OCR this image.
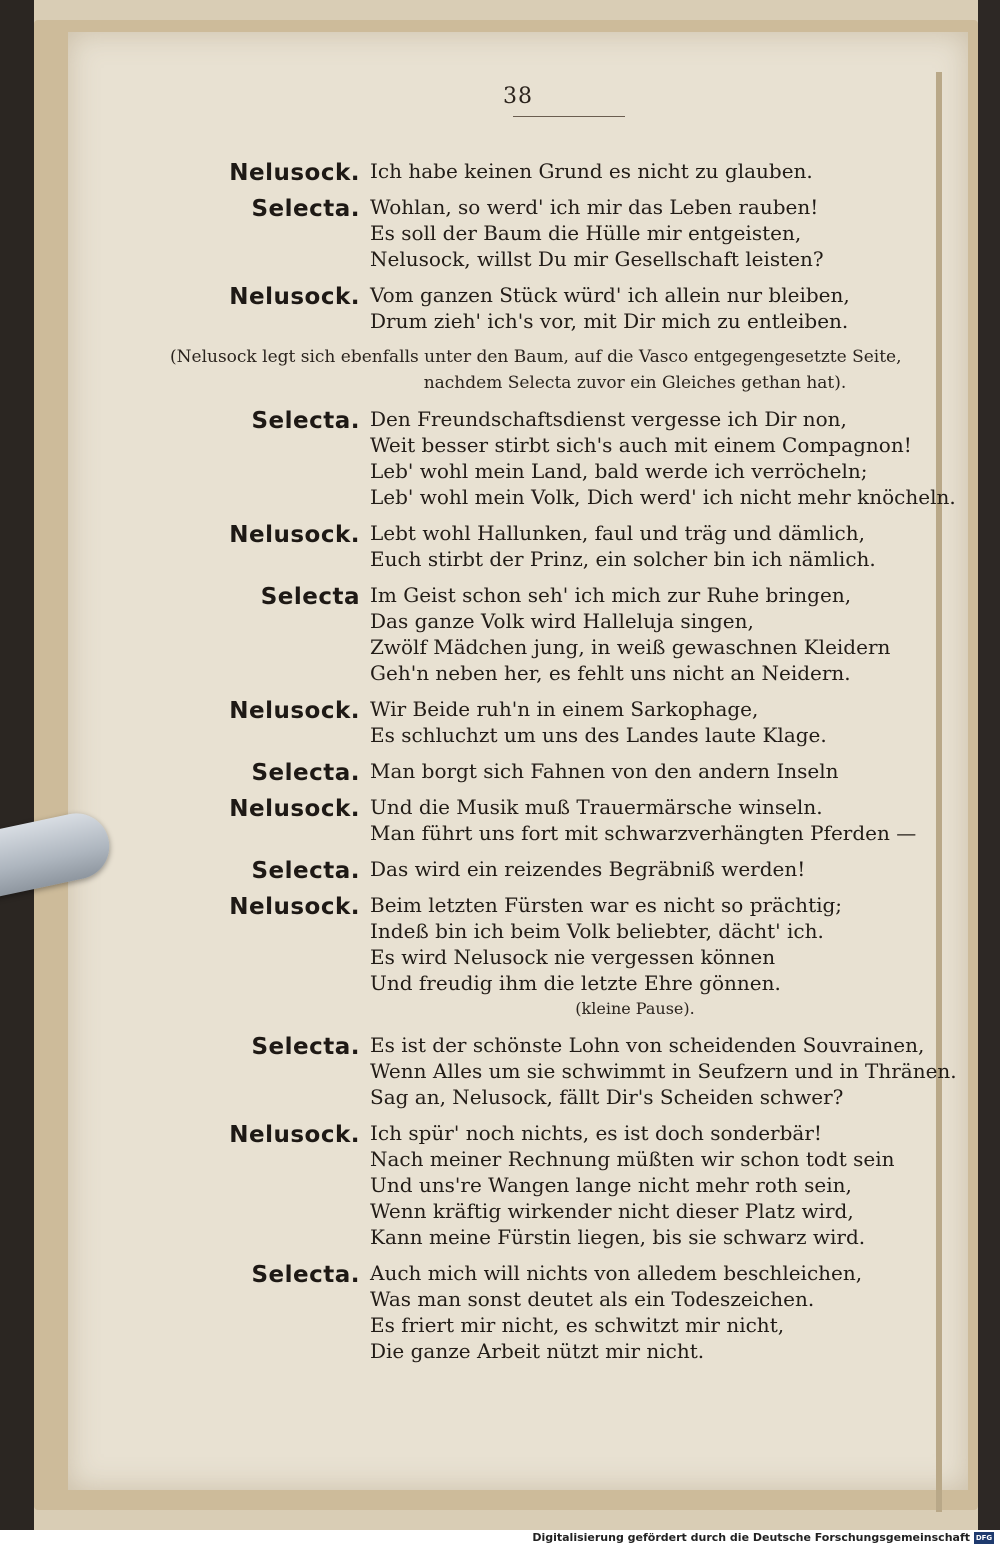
38
Nelusock. Ich habe keinen Grund es nicht zu glauben.
Selecta. Wohlan, so werd' ich mir das Leben rauben!
Es soll der Baum die Hülle mir entgeisten,
Nelusock, willst Du mir Gesellschaft leisten?
Nelusock. Vom ganzen Stück würd' ich allein nur bleiben,
Drum zieh' ich's vor, mit Dir mich zu entleiben.
(Nelusock legt sich ebenfalls unter den Baum, auf die Vasco entgegengesetzte Seite,
nachdem Selecta zuvor ein Gleiches gethan hat).
Selecta. Den Freundschaftsdienst vergesse ich Dir non,
Weit besser stirbt sich's auch mit einem Compagnon!
Leb' wohl mein Land, bald werde ich verröcheln;
Leb' wohl mein Volk, Dich werd' ich nicht mehr knöcheln.
Nelusock. Lebt wohl Hallunken, faul und träg und dämlich,
Euch stirbt der Prinz, ein solcher bin ich nämlich.
Selecta Im Geist schon seh' ich mich zur Ruhe bringen,
Das ganze Volk wird Halleluja singen,
Zwölf Mädchen jung, in weiß gewaschnen Kleidern
Geh'n neben her, es fehlt uns nicht an Neidern.
Nelusock. Wir Beide ruh'n in einem Sarkophage,
Es schluchzt um uns des Landes laute Klage.
Selecta. Man borgt sich Fahnen von den andern Inseln
Nelusock. Und die Musik muß Trauermärsche winseln.
Man führt uns fort mit schwarzverhängten Pferden —
Selecta. Das wird ein reizendes Begräbniß werden!
Nelusock. Beim letzten Fürsten war es nicht so prächtig;
Indeß bin ich beim Volk beliebter, dächt' ich.
Es wird Nelusock nie vergessen können
Und freudig ihm die letzte Ehre gönnen.
(kleine Pause).
Selecta. Es ist der schönste Lohn von scheidenden Souvrainen,
Wenn Alles um sie schwimmt in Seufzern und in Thränen.
Sag an, Nelusock, fällt Dir's Scheiden schwer?
Nelusock. Ich spür' noch nichts, es ist doch sonderbär!
Nach meiner Rechnung müßten wir schon todt sein
Und uns're Wangen lange nicht mehr roth sein,
Wenn kräftig wirkender nicht dieser Platz wird,
Kann meine Fürstin liegen, bis sie schwarz wird.
Selecta. Auch mich will nichts von alledem beschleichen,
Was man sonst deutet als ein Todeszeichen.
Es friert mir nicht, es schwitzt mir nicht,
Die ganze Arbeit nützt mir nicht.
Digitalisierung gefördert durch die Deutsche Forschungsgemeinschaft DFG
